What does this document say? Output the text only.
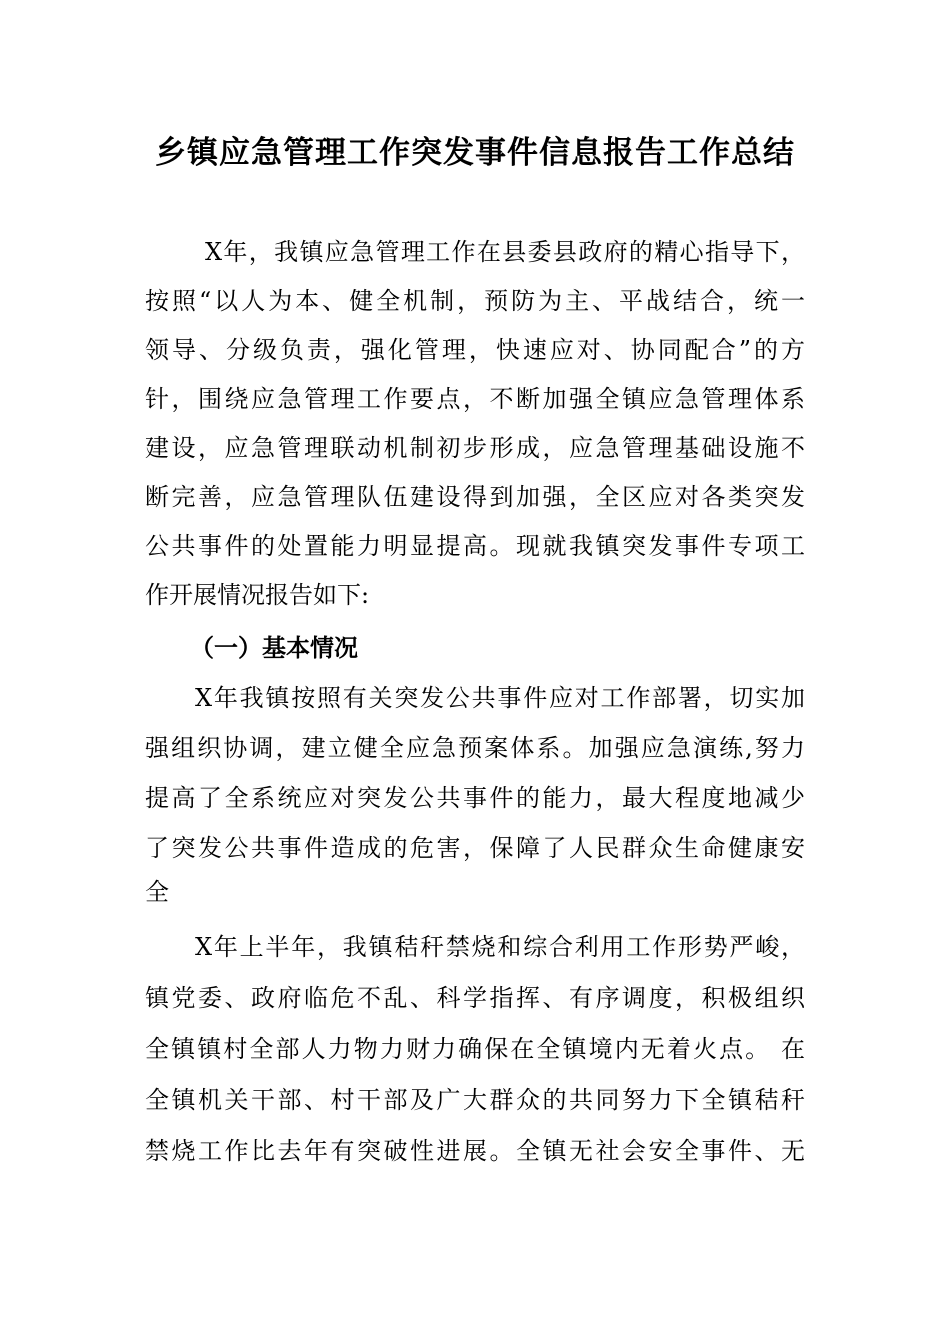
乡镇应急管理工作突发事件信息报告工作总结
X年，我镇应急管理工作在县委县政府的精心指导下，
按照“以人为本、健全机制，预防为主、平战结合，统一
领导、分级负责，强化管理，快速应对、协同配合”的方
针，围绕应急管理工作要点，不断加强全镇应急管理体系
建设，应急管理联动机制初步形成，应急管理基础设施不
断完善，应急管理队伍建设得到加强，全区应对各类突发
公共事件的处置能力明显提高。现就我镇突发事件专项工
作开展情况报告如下:
（一）基本情况
X年我镇按照有关突发公共事件应对工作部署，切实加
强组织协调，建立健全应急预案体系。加强应急演练,努力
提高了全系统应对突发公共事件的能力，最大程度地减少
了突发公共事件造成的危害，保障了人民群众生命健康安
全
X年上半年，我镇秸秆禁烧和综合利用工作形势严峻，
镇党委、政府临危不乱、科学指挥、有序调度，积极组织
全镇镇村全部人力物力财力确保在全镇境内无着火点。 在
全镇机关干部、村干部及广大群众的共同努力下全镇秸秆
禁烧工作比去年有突破性进展。全镇无社会安全事件、无
